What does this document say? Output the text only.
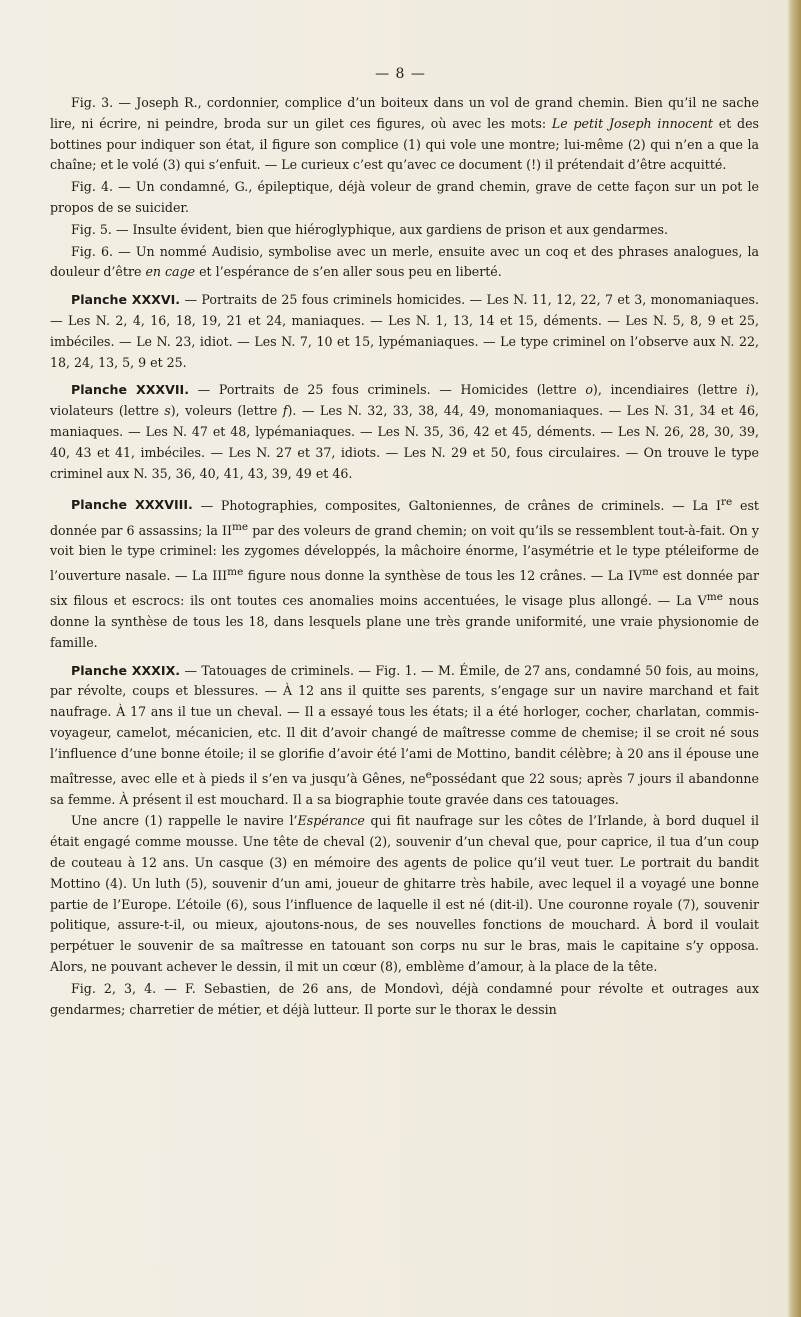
— 8 —

Fig. 3. — Joseph R., cordonnier, complice d’un boiteux dans un vol de grand chemin. Bien qu’il ne sache lire, ni écrire, ni peindre, broda sur un gilet ces figures, où avec les mots: Le petit Joseph innocent et des bottines pour indiquer son état, il figure son complice (1) qui vole une montre; lui-même (2) qui n’en a que la chaîne; et le volé (3) qui s’enfuit. — Le curieux c’est qu’avec ce document (!) il prétendait d’être acquitté.

Fig. 4. — Un condamné, G., épileptique, déjà voleur de grand chemin, grave de cette façon sur un pot le propos de se suicider.

Fig. 5. — Insulte évident, bien que hiéroglyphique, aux gardiens de prison et aux gendarmes.

Fig. 6. — Un nommé Audisio, symbolise avec un merle, ensuite avec un coq et des phrases analogues, la douleur d’être en cage et l’espérance de s’en aller sous peu en liberté.

Planche XXXVI. — Portraits de 25 fous criminels homicides. — Les N. 11, 12, 22, 7 et 3, monomaniaques. — Les N. 2, 4, 16, 18, 19, 21 et 24, maniaques. — Les N. 1, 13, 14 et 15, déments. — Les N. 5, 8, 9 et 25, imbéciles. — Le N. 23, idiot. — Les N. 7, 10 et 15, lypémaniaques. — Le type criminel on l’observe aux N. 22, 18, 24, 13, 5, 9 et 25.

Planche XXXVII. — Portraits de 25 fous criminels. — Homicides (lettre o), incendiaires (lettre i), violateurs (lettre s), voleurs (lettre f). — Les N. 32, 33, 38, 44, 49, monomaniaques. — Les N. 31, 34 et 46, maniaques. — Les N. 47 et 48, lypémaniaques. — Les N. 35, 36, 42 et 45, déments. — Les N. 26, 28, 30, 39, 40, 43 et 41, imbéciles. — Les N. 27 et 37, idiots. — Les N. 29 et 50, fous circulaires. — On trouve le type criminel aux N. 35, 36, 40, 41, 43, 39, 49 et 46.

Planche XXXVIII. — Photographies, composites, Galtoniennes, de crânes de criminels. — La Ire est donnée par 6 assassins; la $II^{me}$ par des voleurs de grand chemin; on voit qu’ils se ressemblent tout-à-fait. On y voit bien le type criminel: les zygomes développés, la mâchoire énorme, l’asymétrie et le type ptéleiforme de l’ouverture nasale. — La $III^{me}$ figure nous donne la synthèse de tous les 12 crânes. — La $IV^{me}$ est donnée par six filous et escrocs: ils ont toutes ces anomalies moins accentuées, le visage plus allongé. — La $V^{me}$ nous donne la synthèse de tous les 18, dans lesquels plane une très grande uniformité, une vraie physionomie de famille.

Planche XXXIX. — Tatouages de criminels. — Fig. 1. — M. Émile, de 27 ans, condamné 50 fois, au moins, par révolte, coups et blessures. — À 12 ans il quitte ses parents, s’engage sur un navire marchand et fait naufrage. À 17 ans il tue un cheval. — Il a essayé tous les états; il a été horloger, cocher, charlatan, commis-voyageur, camelot, mécanicien, etc. Il dit d’avoir changé de maîtresse comme de chemise; il se croit né sous l’influence d’une bonne étoile; il se glorifie d’avoir été l’ami de Mottino, bandit célèbre; à 20 ans il épouse une maîtresse, avec elle et à pieds il s’en va jusqu’à Gênes, $ne^epossédant$ que 22 sous; après 7 jours il abandonne sa femme. À présent il est mouchard. Il a sa biographie toute gravée dans ces tatouages.

Une ancre (1) rappelle le navire l’Espérance qui fit naufrage sur les côtes de l’Irlande, à bord duquel il était engagé comme mousse. Une tête de cheval (2), souvenir d’un cheval que, pour caprice, il tua d’un coup de couteau à 12 ans. Un casque (3) en mémoire des agents de police qu’il veut tuer. Le portrait du bandit Mottino (4). Un luth (5), souvenir d’un ami, joueur de ghitarre très habile, avec lequel il a voyagé une bonne partie de l’Europe. L’étoile (6), sous l’influence de laquelle il est né (dit-il). Une couronne royale (7), souvenir politique, assure-t-il, ou mieux, ajoutons-nous, de ses nouvelles fonctions de mouchard. À bord il voulait perpétuer le souvenir de sa maîtresse en tatouant son corps nu sur le bras, mais le capitaine s’y opposa. Alors, ne pouvant achever le dessin, il mit un cœur (8), emblème d’amour, à la place de la tête.

Fig. 2, 3, 4. — F. Sebastien, de 26 ans, de Mondovì, déjà condamné pour révolte et outrages aux gendarmes; charretier de métier, et déjà lutteur. Il porte sur le thorax le dessin
